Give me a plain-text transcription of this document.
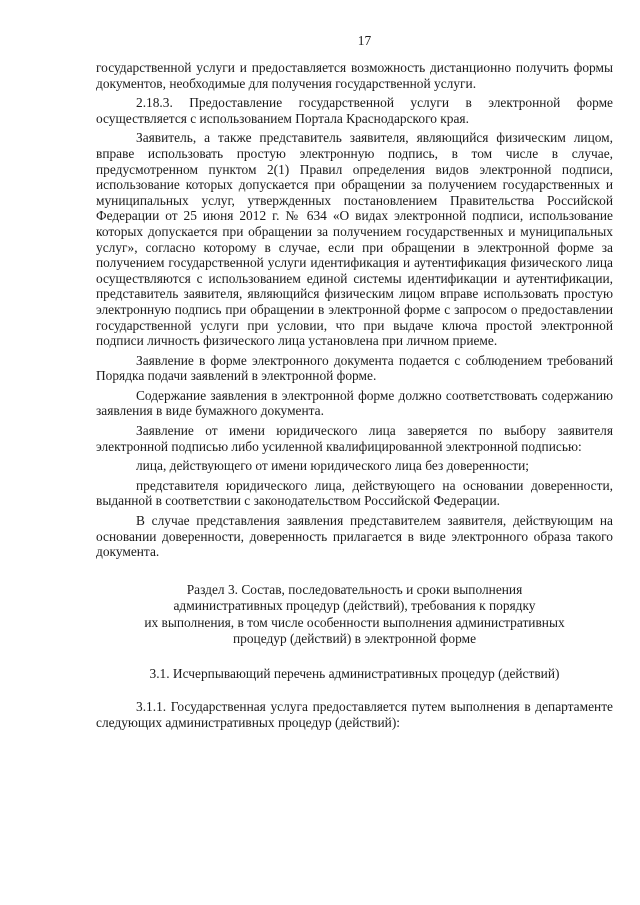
17

государственной услуги и предоставляется возможность дистанционно получить формы документов, необходимые для получения государственной услуги.

2.18.3. Предоставление государственной услуги в электронной форме осуществляется с использованием Портала Краснодарского края.

Заявитель, а также представитель заявителя, являющийся физическим лицом, вправе использовать простую электронную подпись, в том числе в случае, предусмотренном пунктом 2(1) Правил определения видов электронной подписи, использование которых допускается при обращении за получением государственных и муниципальных услуг, утвержденных постановлением Правительства Российской Федерации от 25 июня 2012 г. № 634 «О видах электронной подписи, использование которых допускается при обращении за получением государственных и муниципальных услуг», согласно которому в случае, если при обращении в электронной форме за получением государственной услуги идентификация и аутентификация физического лица осуществляются с использованием единой системы идентификации и аутентификации, представитель заявителя, являющийся физическим лицом вправе использовать простую электронную подпись при обращении в электронной форме с запросом о предоставлении государственной услуги при условии, что при выдаче ключа простой электронной подписи личность физического лица установлена при личном приеме.

Заявление в форме электронного документа подается с соблюдением требований Порядка подачи заявлений в электронной форме.

Содержание заявления в электронной форме должно соответствовать содержанию заявления в виде бумажного документа.

Заявление от имени юридического лица заверяется по выбору заявителя электронной подписью либо усиленной квалифицированной электронной подписью:

лица, действующего от имени юридического лица без доверенности;

представителя юридического лица, действующего на основании доверенности, выданной в соответствии с законодательством Российской Федерации.

В случае представления заявления представителем заявителя, действующим на основании доверенности, доверенность прилагается в виде электронного образа такого документа.

Раздел 3. Состав, последовательность и сроки выполнения
административных процедур (действий), требования к порядку
их выполнения, в том числе особенности выполнения административных
процедур (действий) в электронной форме
3.1. Исчерпывающий перечень административных процедур (действий)

3.1.1. Государственная услуга предоставляется путем выполнения в департаменте следующих административных процедур (действий):
